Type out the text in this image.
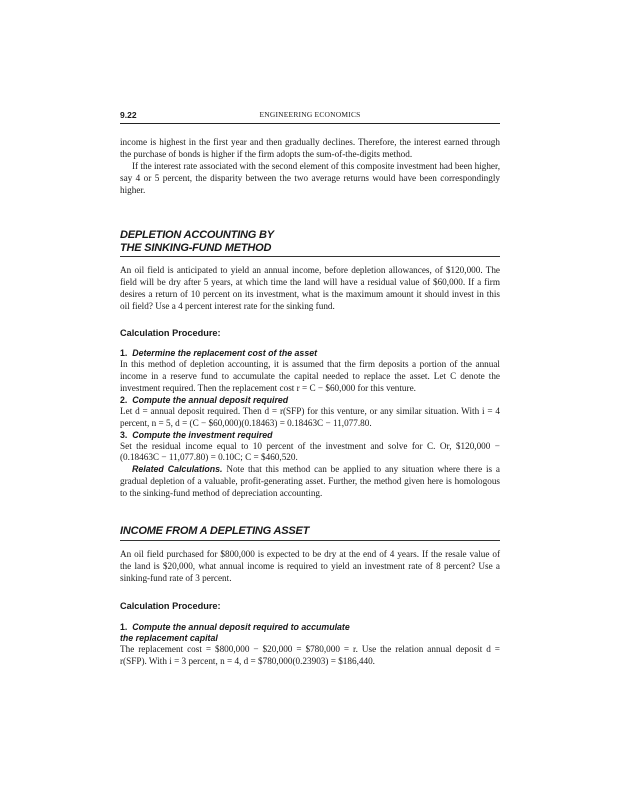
9.22	ENGINEERING ECONOMICS

income is highest in the first year and then gradually declines. Therefore, the interest earned through the purchase of bonds is higher if the firm adopts the sum-of-the-digits method.

If the interest rate associated with the second element of this composite investment had been higher, say 4 or 5 percent, the disparity between the two average returns would have been correspondingly higher.

DEPLETION ACCOUNTING BY
THE SINKING-FUND METHOD

An oil field is anticipated to yield an annual income, before depletion allowances, of $120,000. The field will be dry after 5 years, at which time the land will have a residual value of $60,000. If a firm desires a return of 10 percent on its investment, what is the maximum amount it should invest in this oil field? Use a 4 percent interest rate for the sinking fund.

Calculation Procedure:
1. Determine the replacement cost of the asset

In this method of depletion accounting, it is assumed that the firm deposits a portion of the annual income in a reserve fund to accumulate the capital needed to replace the asset. Let C denote the investment required. Then the replacement cost r = C − $60,000 for this venture.

2. Compute the annual deposit required

Let d = annual deposit required. Then d = r(SFP) for this venture, or any similar situation. With i = 4 percent, n = 5, d = (C − $60,000)(0.18463) = 0.18463C − 11,077.80.

3. Compute the investment required

Set the residual income equal to 10 percent of the investment and solve for C. Or, $120,000 − (0.18463C − 11,077.80) = 0.10C; C = $460,520.

Related Calculations. Note that this method can be applied to any situation where there is a gradual depletion of a valuable, profit-generating asset. Further, the method given here is homologous to the sinking-fund method of depreciation accounting.

INCOME FROM A DEPLETING ASSET

An oil field purchased for $800,000 is expected to be dry at the end of 4 years. If the resale value of the land is $20,000, what annual income is required to yield an investment rate of 8 percent? Use a sinking-fund rate of 3 percent.

Calculation Procedure:
1. Compute the annual deposit required to accumulate
the replacement capital

The replacement cost = $800,000 − $20,000 = $780,000 = r. Use the relation annual deposit d = r(SFP). With i = 3 percent, n = 4, d = $780,000(0.23903) = $186,440.
